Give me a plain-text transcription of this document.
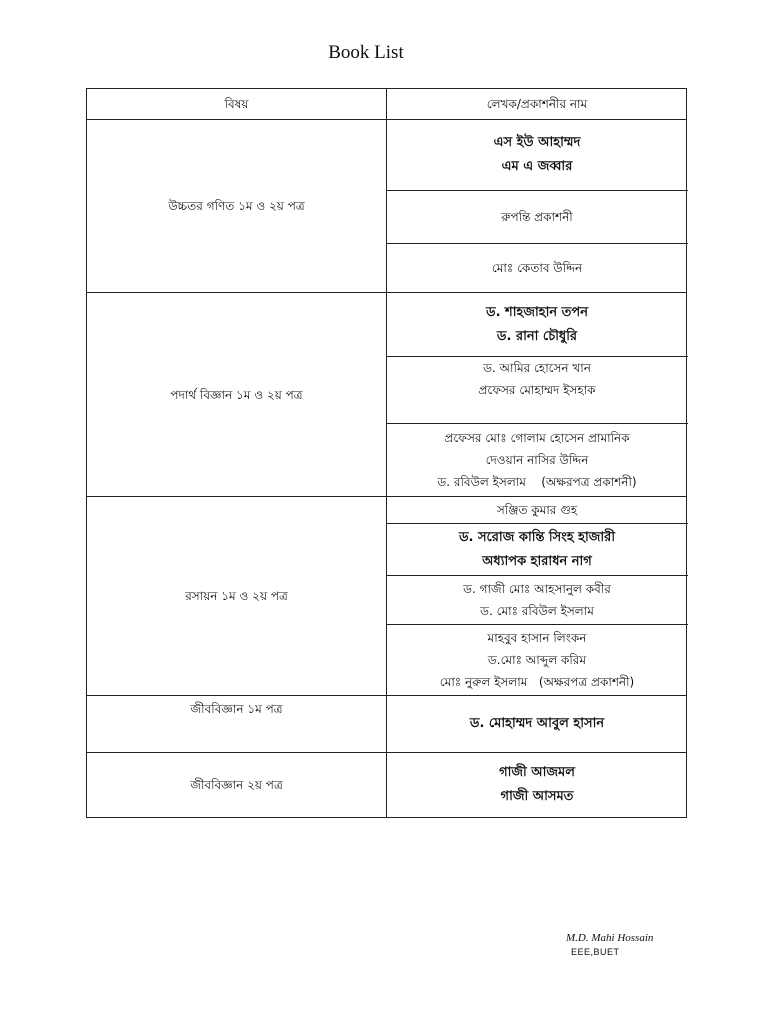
Book List
বিষয়	লেখক/প্রকাশনীর নাম
উচ্চতর গণিত ১ম ও ২য় পত্র
পদার্থ বিজ্ঞান ১ম ও ২য় পত্র
রসায়ন ১ম ও ২য় পত্র
জীববিজ্ঞান ১ম পত্র
জীববিজ্ঞান ২য় পত্র
এস ইউ আহাম্মদ
এম এ জব্বার
রুপন্তি প্রকাশনী
মোঃ কেতাব উদ্দিন
ড. শাহজাহান তপন
ড. রানা চৌধুরি
ড. আমির হোসেন খান
প্রফেসর মোহাম্মদ ইসহাক
প্রফেসর মোঃ গোলাম হোসেন প্রামানিক
দেওয়ান নাসির উদ্দিন
ড. রবিউল ইসলাম    (অক্ষরপত্র প্রকাশনী)
সঞ্জিত কুমার গুহ
ড. সরোজ কান্তি সিংহ হাজারী
অধ্যাপক হারাধন নাগ
ড. গাজী মোঃ আহসানুল কবীর
ড. মোঃ রবিউল ইসলাম
মাহবুব হাসান লিংকন
ড.মোঃ আব্দুল করিম
মোঃ নুরুল ইসলাম   (অক্ষরপত্র প্রকাশনী)
ড. মোহাম্মদ আবুল হাসান
গাজী আজমল
গাজী আসমত
M.D. Mahi Hossain
EEE,BUET
